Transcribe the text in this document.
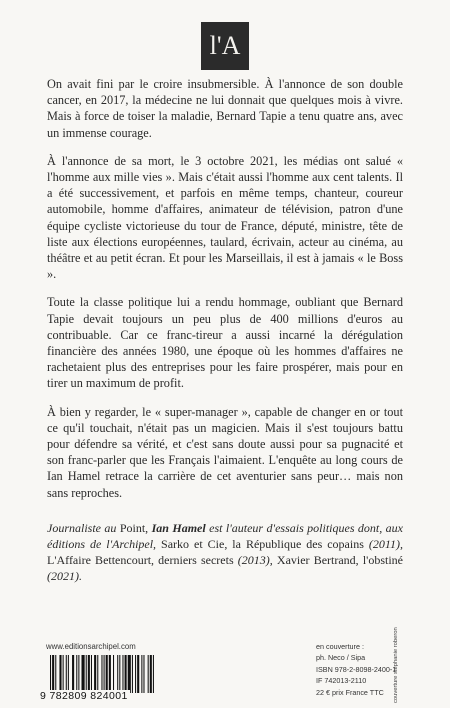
l'A

On avait fini par le croire insubmersible. À l'annonce de son double cancer, en 2017, la médecine ne lui donnait que quelques mois à vivre. Mais à force de toiser la maladie, Bernard Tapie a tenu quatre ans, avec un immense courage.

À l'annonce de sa mort, le 3 octobre 2021, les médias ont salué « l'homme aux mille vies ». Mais c'était aussi l'homme aux cent talents. Il a été successivement, et parfois en même temps, chanteur, coureur automobile, homme d'affaires, animateur de télévision, patron d'une équipe cycliste victorieuse du tour de France, député, ministre, tête de liste aux élections européennes, taulard, écrivain, acteur au cinéma, au théâtre et au petit écran. Et pour les Marseillais, il est à jamais « le Boss ».

Toute la classe politique lui a rendu hommage, oubliant que Bernard Tapie devait toujours un peu plus de 400 millions d'euros au contribuable. Car ce franc-tireur a aussi incarné la dérégulation financière des années 1980, une époque où les hommes d'affaires ne rachetaient plus des entreprises pour les faire prospérer, mais pour en tirer un maximum de profit.

À bien y regarder, le « super-manager », capable de changer en or tout ce qu'il touchait, n'était pas un magicien. Mais il s'est toujours battu pour défendre sa vérité, et c'est sans doute aussi pour sa pugnacité et son franc-parler que les Français l'aimaient. L'enquête au long cours de Ian Hamel retrace la carrière de cet aventurier sans peur… mais non sans reproches.

Journaliste au Point, Ian Hamel est l'auteur d'essais politiques dont, aux éditions de l'Archipel, Sarko et Cie, la République des copains (2011), L'Affaire Bettencourt, derniers secrets (2013), Xavier Bertrand, l'obstiné (2021).
www.editionsarchipel.com
9 782809 824001
en couverture :
ph. Neco / Sipa
ISBN 978-2-8098-2400-1
IF 742013-2110
22 € prix France TTC	couverture stéphanie roberon
